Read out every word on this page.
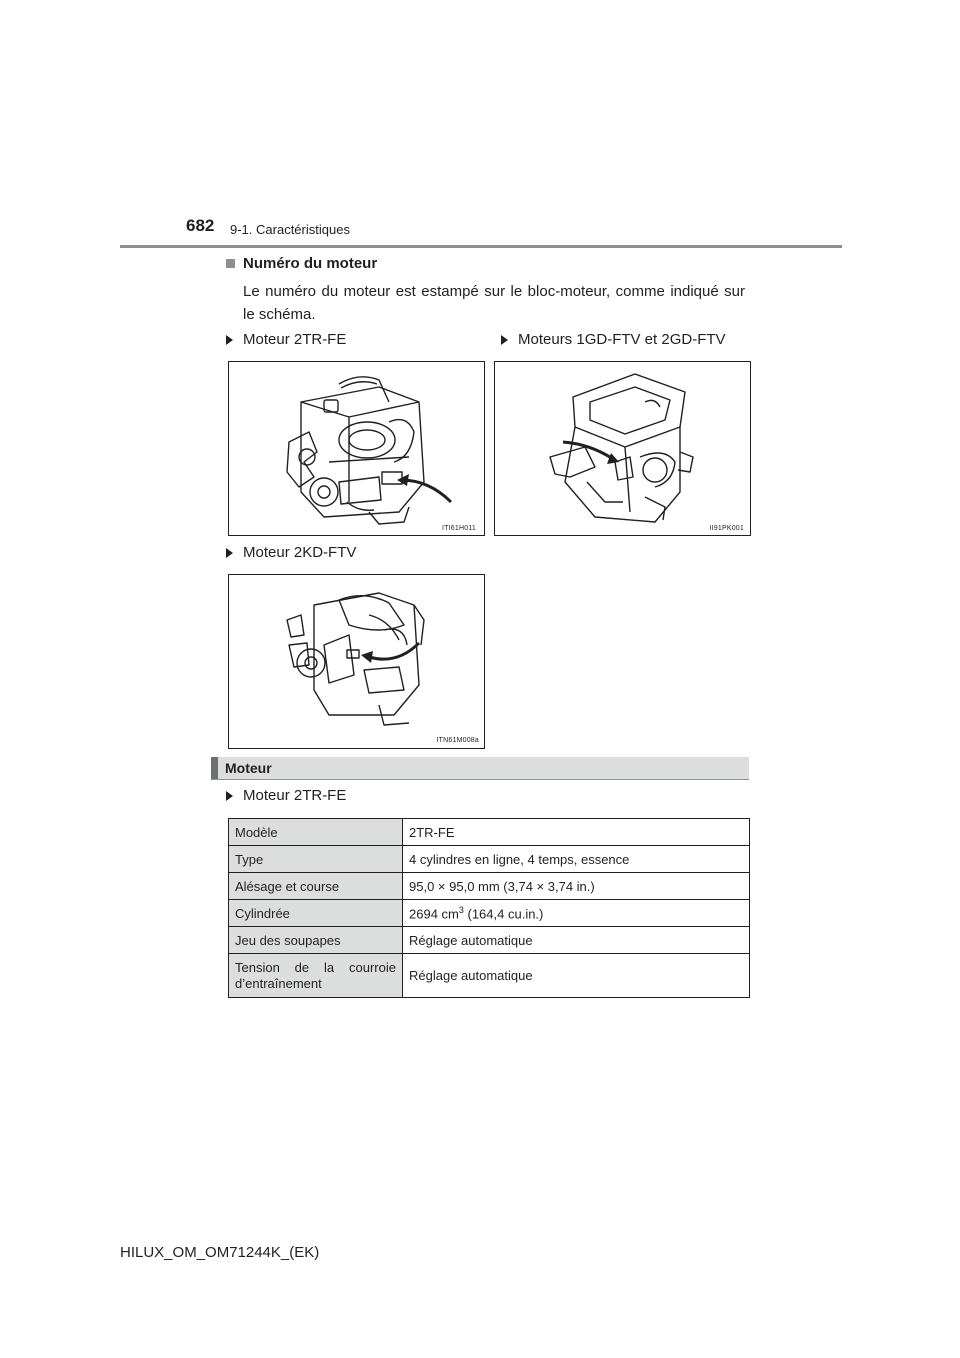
682 9-1. Caractéristiques
Numéro du moteur
Le numéro du moteur est estampé sur le bloc-moteur, comme indiqué sur le schéma.
Moteur 2TR-FE	Moteurs 1GD-FTV et 2GD-FTV
ITI61H011	II91PK001
Moteur 2KD-FTV
ITN61M008a
Moteur
Moteur 2TR-FE
Modèle	2TR-FE
Type	4 cylindres en ligne, 4 temps, essence
Alésage et course	95,0 × 95,0 mm (3,74 × 3,74 in.)
Cylindrée	2694 $cm^3$ (164,4 cu.in.)
Jeu des soupapes	Réglage automatique
Tension de la courroie d’entraînement	Réglage automatique
HILUX_OM_OM71244K_(EK)
